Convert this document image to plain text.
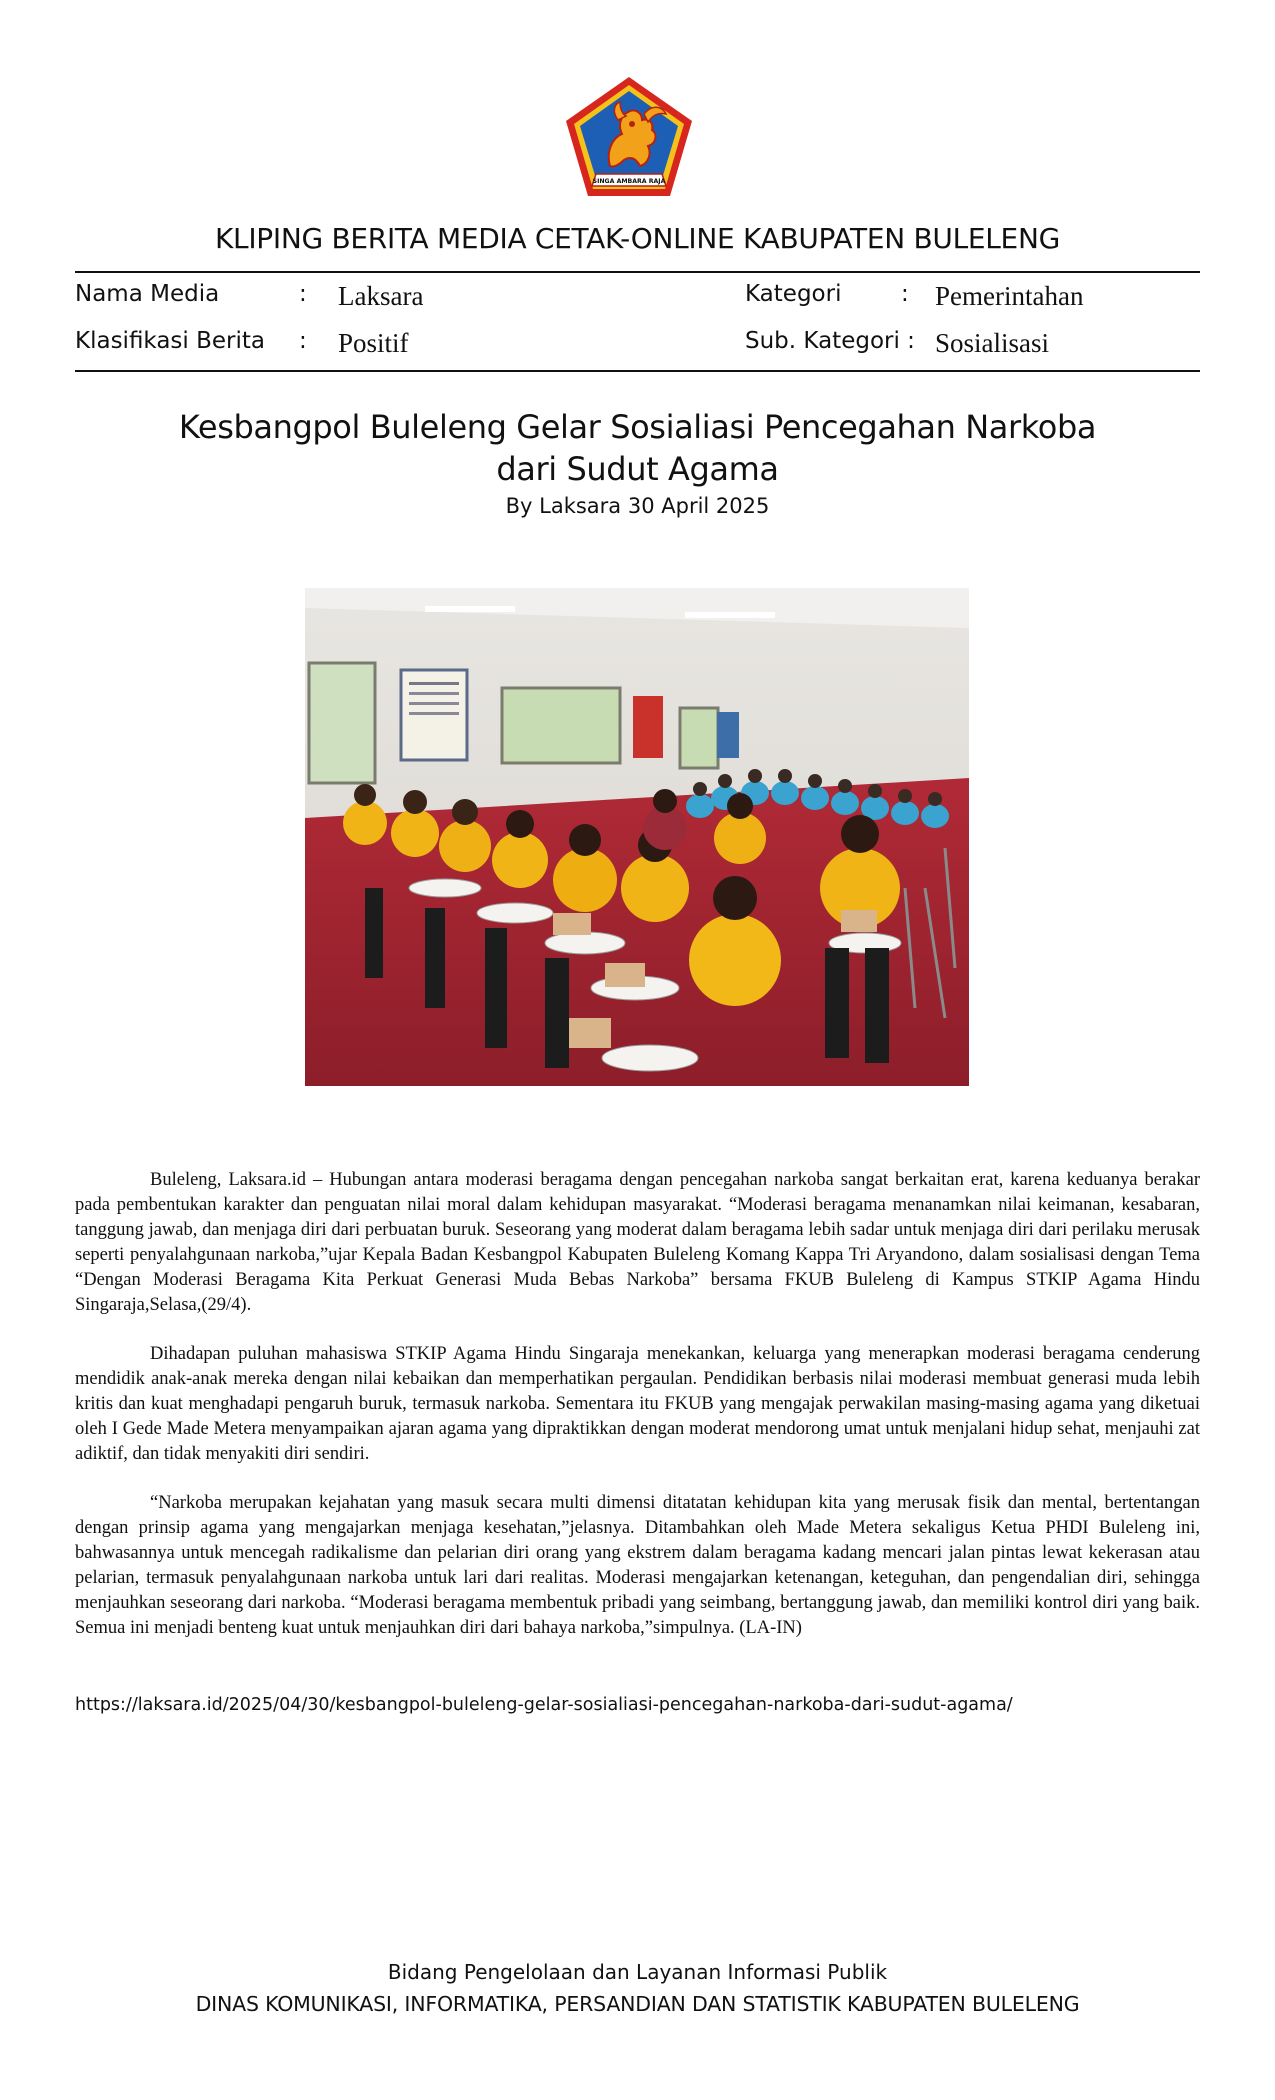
SINGA AMBARA RAJA
KLIPING BERITA MEDIA CETAK-ONLINE KABUPATEN BULELENG
Nama Media	: Laksara
Klasifikasi Berita : Positif
Kategori	: Pemerintahan
Sub. Kategori : Sosialisasi
Kesbangpol Buleleng Gelar Sosialiasi Pencegahan Narkoba
dari Sudut Agama
By Laksara 30 April 2025

Buleleng, Laksara.id – Hubungan antara moderasi beragama dengan pencegahan narkoba sangat berkaitan erat, karena keduanya berakar pada pembentukan karakter dan penguatan nilai moral dalam kehidupan masyarakat. “Moderasi beragama menanamkan nilai keimanan, kesabaran, tanggung jawab, dan menjaga diri dari perbuatan buruk. Seseorang yang moderat dalam beragama lebih sadar untuk menjaga diri dari perilaku merusak seperti penyalahgunaan narkoba,”ujar Kepala Badan Kesbangpol Kabupaten Buleleng Komang Kappa Tri Aryandono, dalam sosialisasi dengan Tema “Dengan Moderasi Beragama Kita Perkuat Generasi Muda Bebas Narkoba” bersama FKUB Buleleng di Kampus STKIP Agama Hindu Singaraja,Selasa,(29/4).

Dihadapan puluhan mahasiswa STKIP Agama Hindu Singaraja menekankan, keluarga yang menerapkan moderasi beragama cenderung mendidik anak-anak mereka dengan nilai kebaikan dan memperhatikan pergaulan. Pendidikan berbasis nilai moderasi membuat generasi muda lebih kritis dan kuat menghadapi pengaruh buruk, termasuk narkoba. Sementara itu FKUB yang mengajak perwakilan masing-masing agama yang diketuai oleh I Gede Made Metera menyampaikan ajaran agama yang dipraktikkan dengan moderat mendorong umat untuk menjalani hidup sehat, menjauhi zat adiktif, dan tidak menyakiti diri sendiri.

“Narkoba merupakan kejahatan yang masuk secara multi dimensi ditatatan kehidupan kita yang merusak fisik dan mental, bertentangan dengan prinsip agama yang mengajarkan menjaga kesehatan,”jelasnya. Ditambahkan oleh Made Metera sekaligus Ketua PHDI Buleleng ini, bahwasannya untuk mencegah radikalisme dan pelarian diri orang yang ekstrem dalam beragama kadang mencari jalan pintas lewat kekerasan atau pelarian, termasuk penyalahgunaan narkoba untuk lari dari realitas. Moderasi mengajarkan ketenangan, keteguhan, dan pengendalian diri, sehingga menjauhkan seseorang dari narkoba. “Moderasi beragama membentuk pribadi yang seimbang, bertanggung jawab, dan memiliki kontrol diri yang baik. Semua ini menjadi benteng kuat untuk menjauhkan diri dari bahaya narkoba,”simpulnya. (LA-IN)

https://laksara.id/2025/04/30/kesbangpol-buleleng-gelar-sosialiasi-pencegahan-narkoba-dari-sudut-agama/
Bidang Pengelolaan dan Layanan Informasi Publik
DINAS KOMUNIKASI, INFORMATIKA, PERSANDIAN DAN STATISTIK KABUPATEN BULELENG
